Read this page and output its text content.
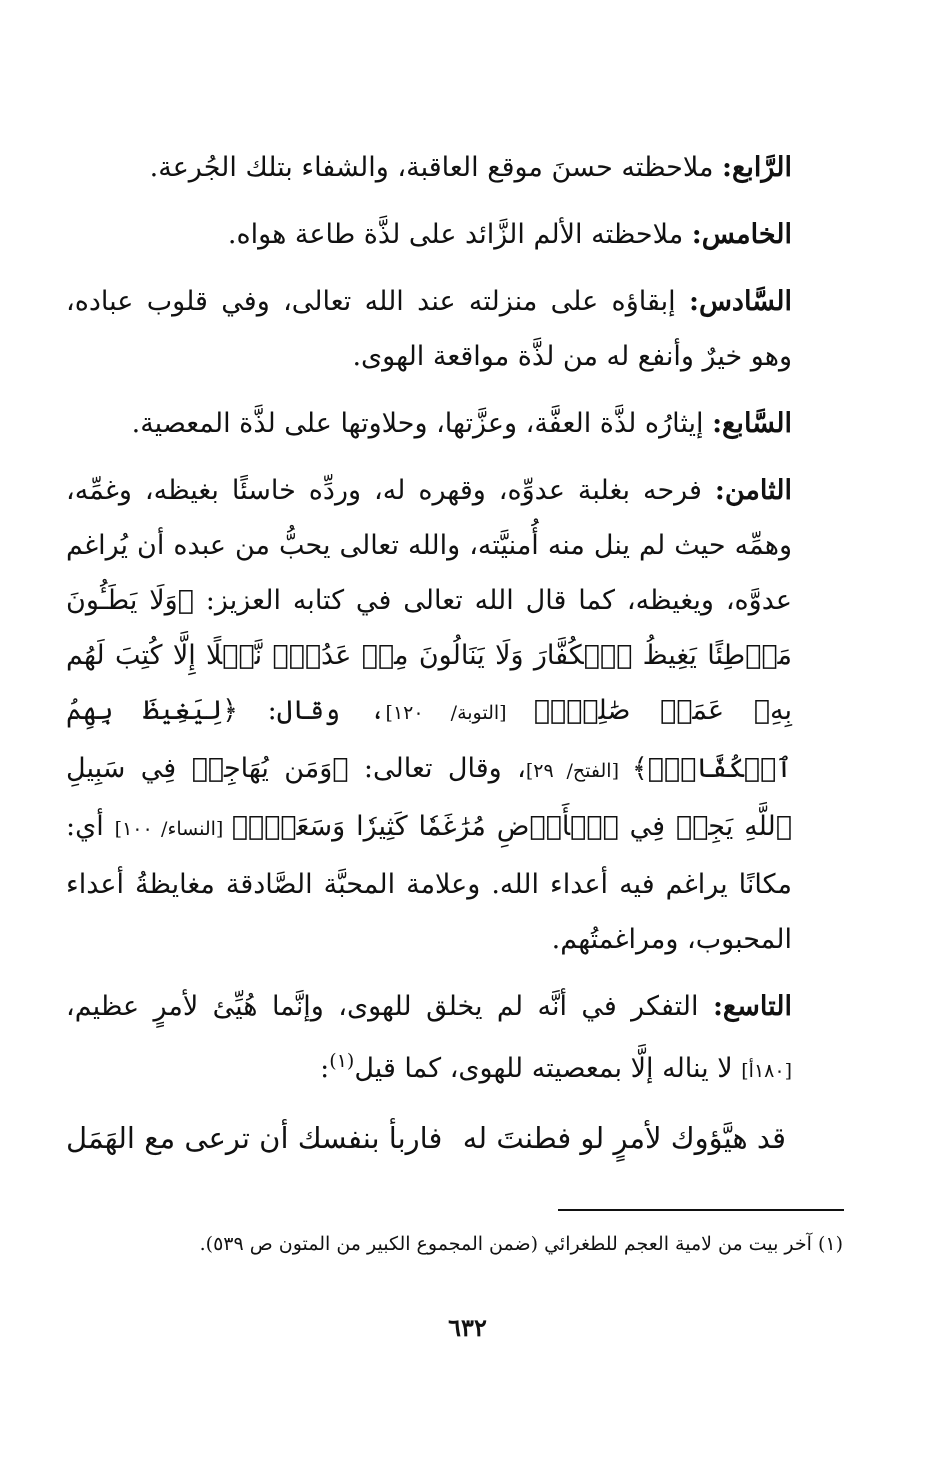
الرَّابع: ملاحظته حسنَ موقع العاقبة، والشفاء بتلك الجُرعة.

الخامس: ملاحظته الألم الزَّائد على لذَّة طاعة هواه.

السَّادس: إبقاؤه على منزلته عند الله تعالى، وفي قلوب عباده، وهو خيرٌ وأنفع له من لذَّة مواقعة الهوى.

السَّابع: إيثارُه لذَّة العفَّة، وعزَّتها، وحلاوتها على لذَّة المعصية.

الثامن: فرحه بغلبة عدوِّه، وقهره له، وردِّه خاسئًا بغيظه، وغمِّه، وهمِّه حيث لم ينل منه أُمنيَّته، والله تعالى يحبُّ من عبده أن يُراغم عدوَّه، ويغيظه، كما قال الله تعالى في كتابه العزيز: ﴿وَلَا يَطَـُٔونَ مَوۡطِئًا يَغِيظُ ٱلۡكُفَّارَ وَلَا يَنَالُونَ مِنۡ عَدُوّٖ نَّيۡلًا إِلَّا كُتِبَ لَهُم بِهِۦ عَمَلٞ صَٰلِحٌۚ﴾ [التوبة/ ١٢٠]، وقال: ﴿لِيَغِيظَ بِهِمُ ٱلۡكُفَّارَۗ﴾ [الفتح/ ٢٩]، وقال تعالى: ﴿وَمَن يُهَاجِرۡ فِي سَبِيلِ ٱللَّهِ يَجِدۡ فِي ٱلۡأَرۡضِ مُرَٰغَمٗا كَثِيرٗا وَسَعَةٗۚ﴾ [النساء/ ١٠٠] أي: مكانًا يراغم فيه أعداء الله. وعلامة المحبَّة الصَّادقة مغايظةُ أعداء المحبوب، ومراغمتُهم.

التاسع: التفكر في أنَّه لم يخلق للهوى، وإنَّما هُيِّئ لأمرٍ عظيم، [١٨٠أ] لا يناله إلَّا بمعصيته للهوى، كما قيل$^{(١)}$:

قد هيَّؤوك لأمرٍ لو فطنتَ له
فاربأ بنفسك أن ترعى مع الهَمَل
(١) آخر بيت من لامية العجم للطغرائي (ضمن المجموع الكبير من المتون ص ٥٣٩).
٦٣٢
